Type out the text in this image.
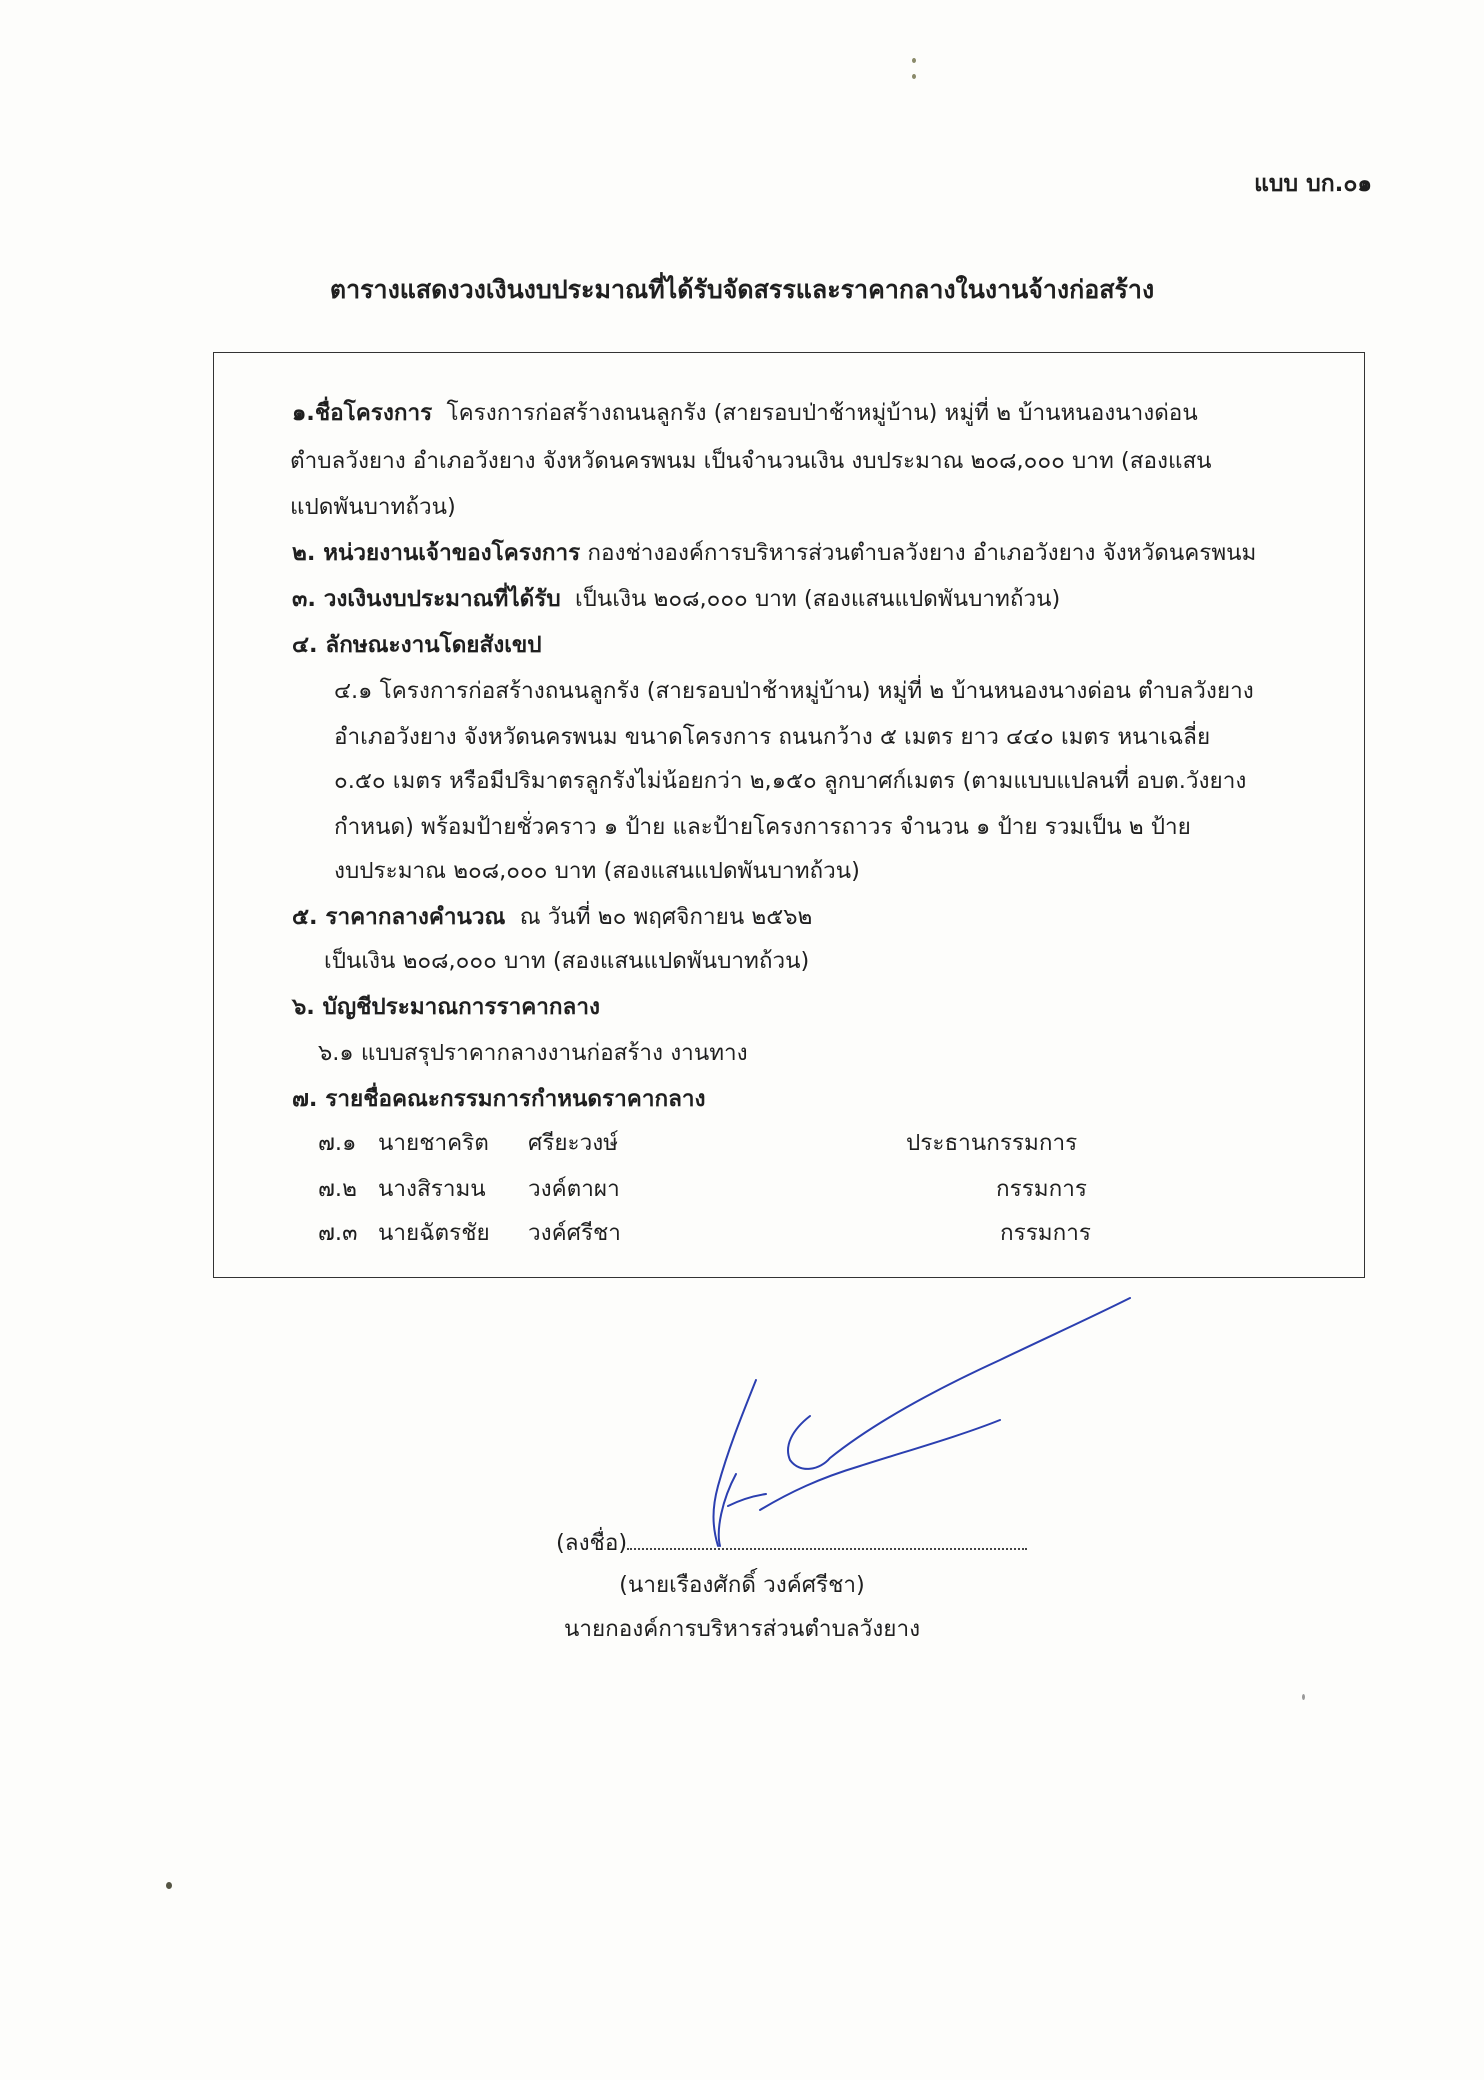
แบบ บก.๐๑
ตารางแสดงวงเงินงบประมาณที่ได้รับจัดสรรและราคากลางในงานจ้างก่อสร้าง
๑.ชื่อโครงการ โครงการก่อสร้างถนนลูกรัง (สายรอบป่าช้าหมู่บ้าน) หมู่ที่ ๒ บ้านหนองนางด่อน
ตำบลวังยาง อำเภอวังยาง จังหวัดนครพนม เป็นจำนวนเงิน งบประมาณ ๒๐๘,๐๐๐ บาท (สองแสน
แปดพันบาทถ้วน)
๒. หน่วยงานเจ้าของโครงการ กองช่างองค์การบริหารส่วนตำบลวังยาง อำเภอวังยาง จังหวัดนครพนม
๓. วงเงินงบประมาณที่ได้รับ เป็นเงิน ๒๐๘,๐๐๐ บาท (สองแสนแปดพันบาทถ้วน)
๔. ลักษณะงานโดยสังเขป
๔.๑ โครงการก่อสร้างถนนลูกรัง (สายรอบป่าช้าหมู่บ้าน) หมู่ที่ ๒ บ้านหนองนางด่อน ตำบลวังยาง
อำเภอวังยาง จังหวัดนครพนม ขนาดโครงการ ถนนกว้าง ๕ เมตร ยาว ๔๔๐ เมตร หนาเฉลี่ย
๐.๕๐ เมตร หรือมีปริมาตรลูกรังไม่น้อยกว่า ๒,๑๕๐ ลูกบาศก์เมตร (ตามแบบแปลนที่ อบต.วังยาง
กำหนด) พร้อมป้ายชั่วคราว ๑ ป้าย และป้ายโครงการถาวร จำนวน ๑ ป้าย รวมเป็น ๒ ป้าย
งบประมาณ ๒๐๘,๐๐๐ บาท (สองแสนแปดพันบาทถ้วน)
๕. ราคากลางคำนวณ ณ วันที่ ๒๐ พฤศจิกายน ๒๕๖๒
เป็นเงิน ๒๐๘,๐๐๐ บาท (สองแสนแปดพันบาทถ้วน)
๖. บัญชีประมาณการราคากลาง
๖.๑ แบบสรุปราคากลางงานก่อสร้าง งานทาง
๗. รายชื่อคณะกรรมการกำหนดราคากลาง
๗.๑ นายชาคริต ศรียะวงษ์	ประธานกรรมการ
๗.๒ นางสิรามน วงค์ตาผา	กรรมการ
๗.๓ นายฉัตรชัย วงค์ศรีชา	กรรมการ
(ลงชื่อ)
(นายเรืองศักดิ์ วงค์ศรีชา)
นายกองค์การบริหารส่วนตำบลวังยาง
